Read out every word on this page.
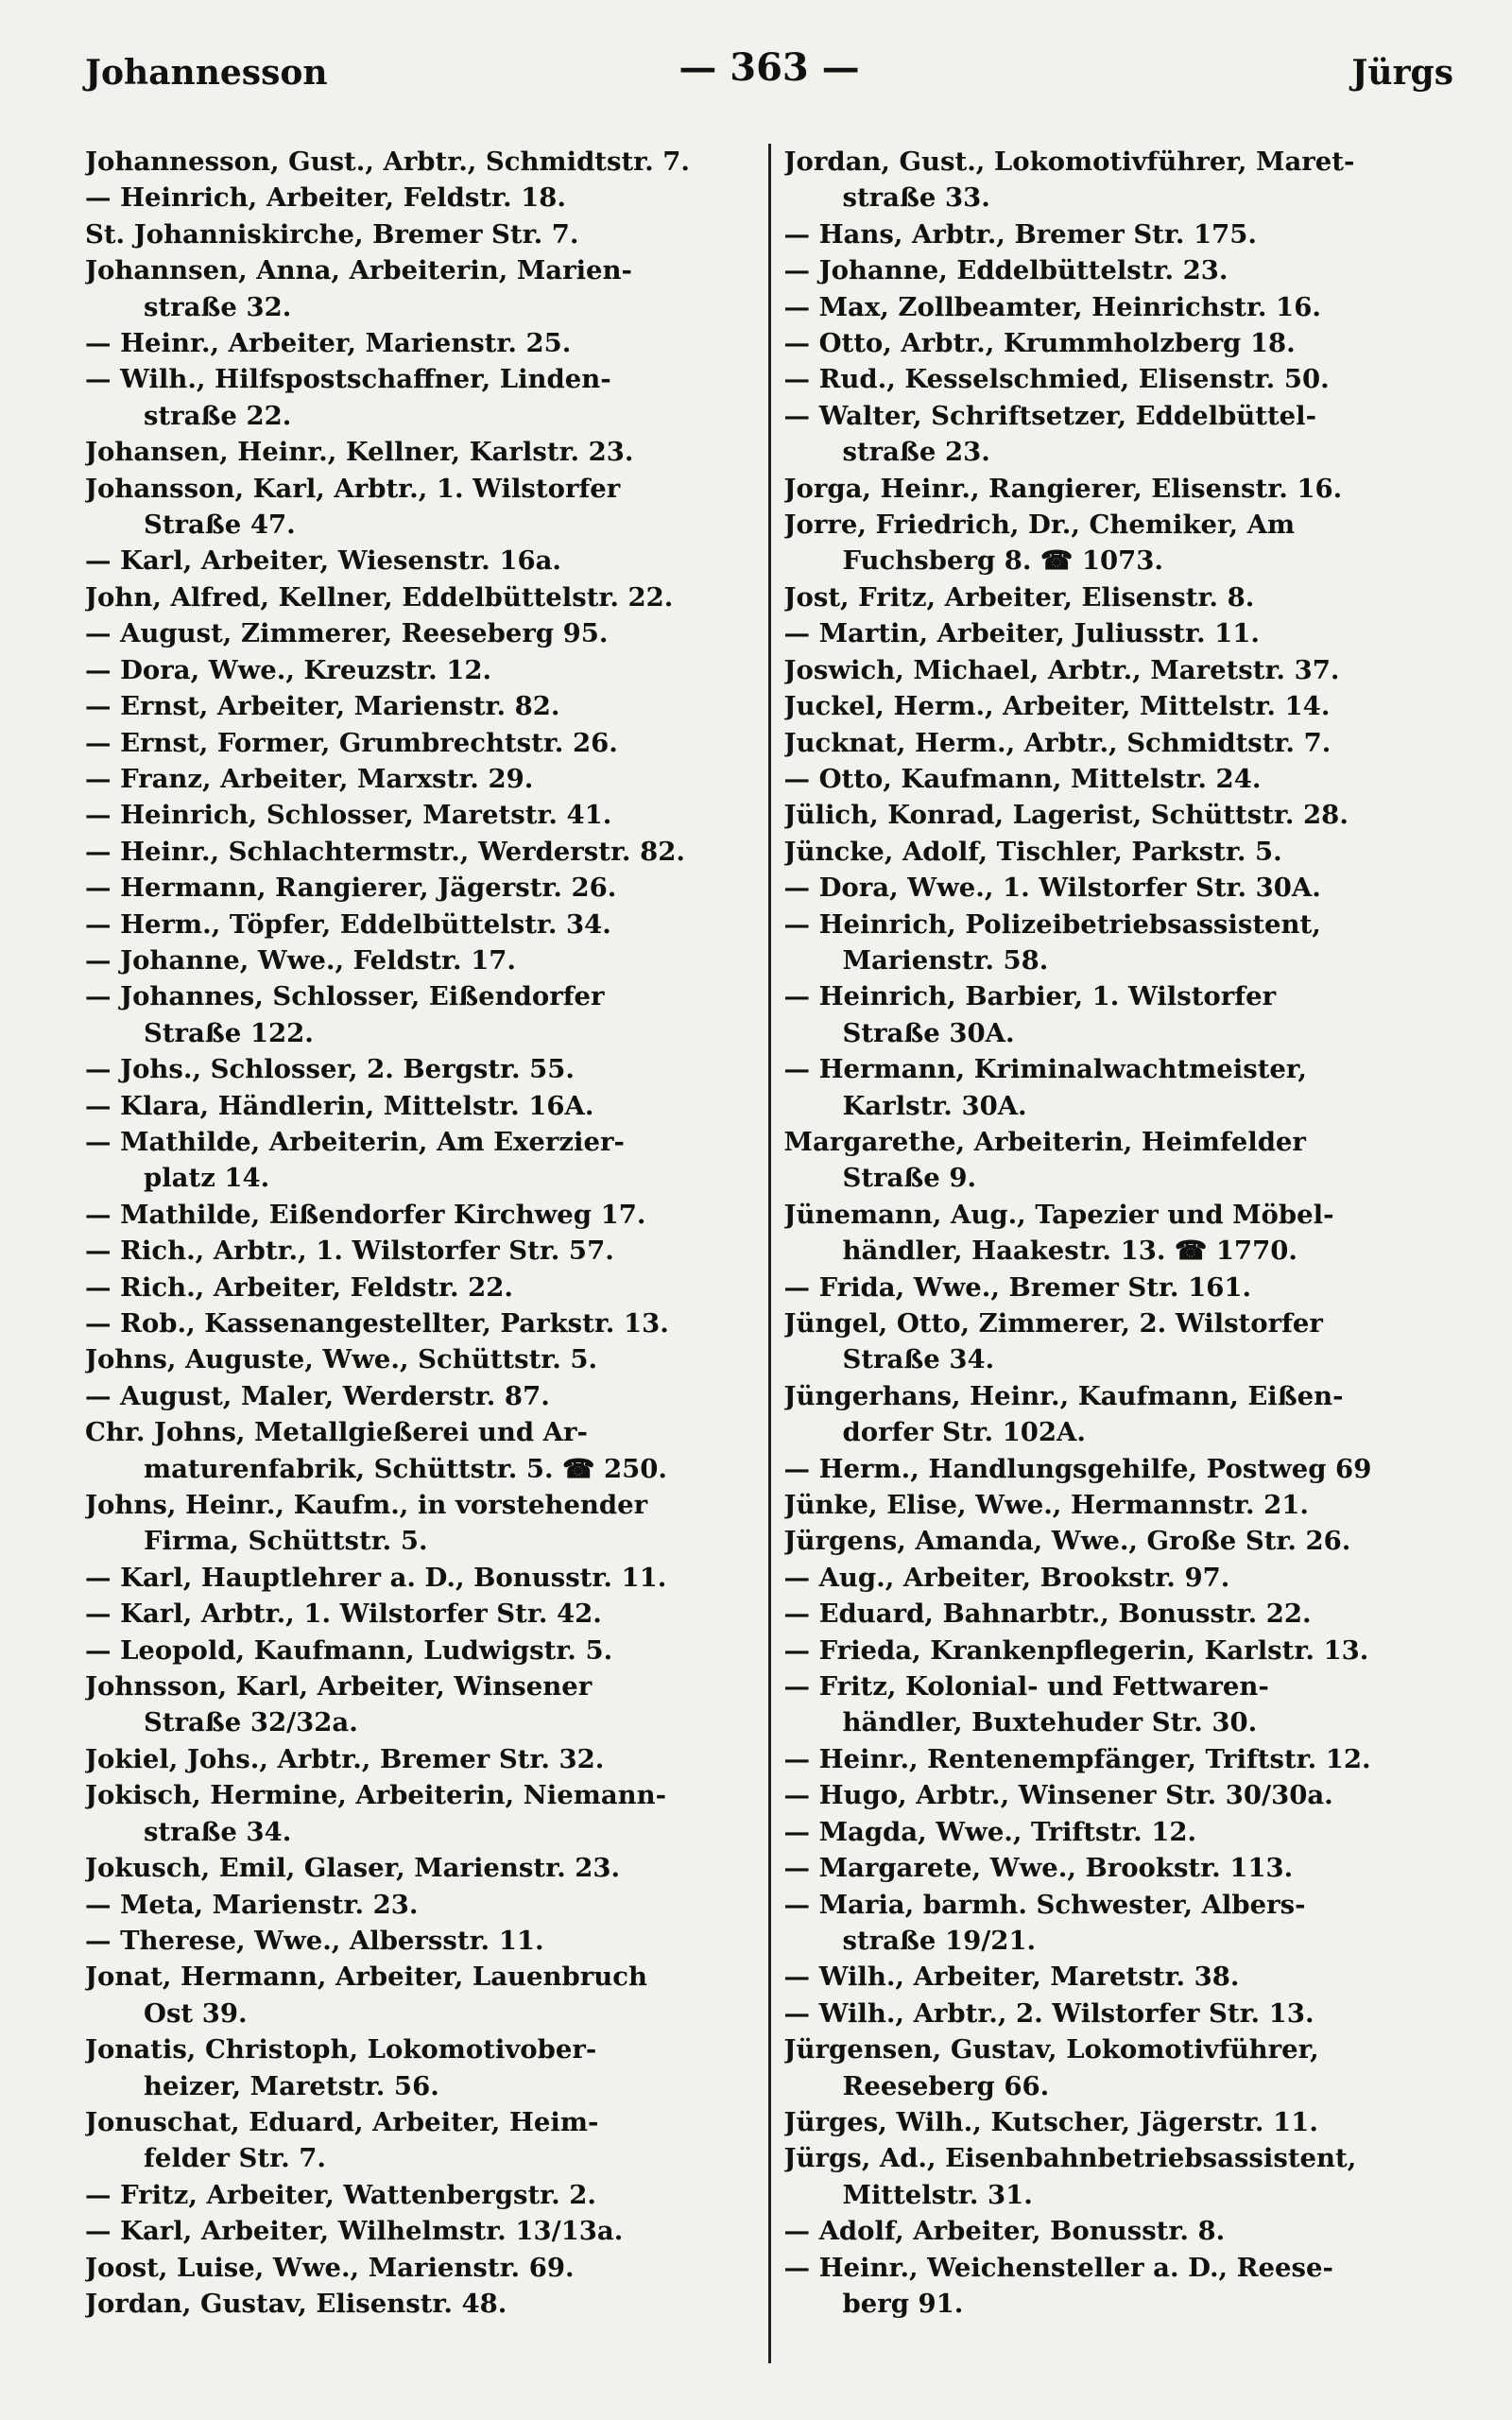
Johannesson	— 363 —	Jürgs
Johannesson, Gust., Arbtr., Schmidtstr. 7.
— Heinrich, Arbeiter, Feldstr. 18.
St. Johanniskirche, Bremer Str. 7.
Johannsen, Anna, Arbeiterin, Marien-
straße 32.
— Heinr., Arbeiter, Marienstr. 25.
— Wilh., Hilfspostschaffner, Linden-
straße 22.
Johansen, Heinr., Kellner, Karlstr. 23.
Johansson, Karl, Arbtr., 1. Wilstorfer
Straße 47.
— Karl, Arbeiter, Wiesenstr. 16a.
John, Alfred, Kellner, Eddelbüttelstr. 22.
— August, Zimmerer, Reeseberg 95.
— Dora, Wwe., Kreuzstr. 12.
— Ernst, Arbeiter, Marienstr. 82.
— Ernst, Former, Grumbrechtstr. 26.
— Franz, Arbeiter, Marxstr. 29.
— Heinrich, Schlosser, Maretstr. 41.
— Heinr., Schlachtermstr., Werderstr. 82.
— Hermann, Rangierer, Jägerstr. 26.
— Herm., Töpfer, Eddelbüttelstr. 34.
— Johanne, Wwe., Feldstr. 17.
— Johannes, Schlosser, Eißendorfer
Straße 122.
— Johs., Schlosser, 2. Bergstr. 55.
— Klara, Händlerin, Mittelstr. 16A.
— Mathilde, Arbeiterin, Am Exerzier-
platz 14.
— Mathilde, Eißendorfer Kirchweg 17.
— Rich., Arbtr., 1. Wilstorfer Str. 57.
— Rich., Arbeiter, Feldstr. 22.
— Rob., Kassenangestellter, Parkstr. 13.
Johns, Auguste, Wwe., Schüttstr. 5.
— August, Maler, Werderstr. 87.
Chr. Johns, Metallgießerei und Ar-
maturenfabrik, Schüttstr. 5. ☎ 250.
Johns, Heinr., Kaufm., in vorstehender
Firma, Schüttstr. 5.
— Karl, Hauptlehrer a. D., Bonusstr. 11.
— Karl, Arbtr., 1. Wilstorfer Str. 42.
— Leopold, Kaufmann, Ludwigstr. 5.
Johnsson, Karl, Arbeiter, Winsener
Straße 32/32a.
Jokiel, Johs., Arbtr., Bremer Str. 32.
Jokisch, Hermine, Arbeiterin, Niemann-
straße 34.
Jokusch, Emil, Glaser, Marienstr. 23.
— Meta, Marienstr. 23.
— Therese, Wwe., Albersstr. 11.
Jonat, Hermann, Arbeiter, Lauenbruch
Ost 39.
Jonatis, Christoph, Lokomotivober-
heizer, Maretstr. 56.
Jonuschat, Eduard, Arbeiter, Heim-
felder Str. 7.
— Fritz, Arbeiter, Wattenbergstr. 2.
— Karl, Arbeiter, Wilhelmstr. 13/13a.
Joost, Luise, Wwe., Marienstr. 69.
Jordan, Gustav, Elisenstr. 48.
Jordan, Gust., Lokomotivführer, Maret-
straße 33.
— Hans, Arbtr., Bremer Str. 175.
— Johanne, Eddelbüttelstr. 23.
— Max, Zollbeamter, Heinrichstr. 16.
— Otto, Arbtr., Krummholzberg 18.
— Rud., Kesselschmied, Elisenstr. 50.
— Walter, Schriftsetzer, Eddelbüttel-
straße 23.
Jorga, Heinr., Rangierer, Elisenstr. 16.
Jorre, Friedrich, Dr., Chemiker, Am
Fuchsberg 8. ☎ 1073.
Jost, Fritz, Arbeiter, Elisenstr. 8.
— Martin, Arbeiter, Juliusstr. 11.
Joswich, Michael, Arbtr., Maretstr. 37.
Juckel, Herm., Arbeiter, Mittelstr. 14.
Jucknat, Herm., Arbtr., Schmidtstr. 7.
— Otto, Kaufmann, Mittelstr. 24.
Jülich, Konrad, Lagerist, Schüttstr. 28.
Jüncke, Adolf, Tischler, Parkstr. 5.
— Dora, Wwe., 1. Wilstorfer Str. 30A.
— Heinrich, Polizeibetriebsassistent,
Marienstr. 58.
— Heinrich, Barbier, 1. Wilstorfer
Straße 30A.
— Hermann, Kriminalwachtmeister,
Karlstr. 30A.
Margarethe, Arbeiterin, Heimfelder
Straße 9.
Jünemann, Aug., Tapezier und Möbel-
händler, Haakestr. 13. ☎ 1770.
— Frida, Wwe., Bremer Str. 161.
Jüngel, Otto, Zimmerer, 2. Wilstorfer
Straße 34.
Jüngerhans, Heinr., Kaufmann, Eißen-
dorfer Str. 102A.
— Herm., Handlungsgehilfe, Postweg 69
Jünke, Elise, Wwe., Hermannstr. 21.
Jürgens, Amanda, Wwe., Große Str. 26.
— Aug., Arbeiter, Brookstr. 97.
— Eduard, Bahnarbtr., Bonusstr. 22.
— Frieda, Krankenpflegerin, Karlstr. 13.
— Fritz, Kolonial- und Fettwaren-
händler, Buxtehuder Str. 30.
— Heinr., Rentenempfänger, Triftstr. 12.
— Hugo, Arbtr., Winsener Str. 30/30a.
— Magda, Wwe., Triftstr. 12.
— Margarete, Wwe., Brookstr. 113.
— Maria, barmh. Schwester, Albers-
straße 19/21.
— Wilh., Arbeiter, Maretstr. 38.
— Wilh., Arbtr., 2. Wilstorfer Str. 13.
Jürgensen, Gustav, Lokomotivführer,
Reeseberg 66.
Jürges, Wilh., Kutscher, Jägerstr. 11.
Jürgs, Ad., Eisenbahnbetriebsassistent,
Mittelstr. 31.
— Adolf, Arbeiter, Bonusstr. 8.
— Heinr., Weichensteller a. D., Reese-
berg 91.
